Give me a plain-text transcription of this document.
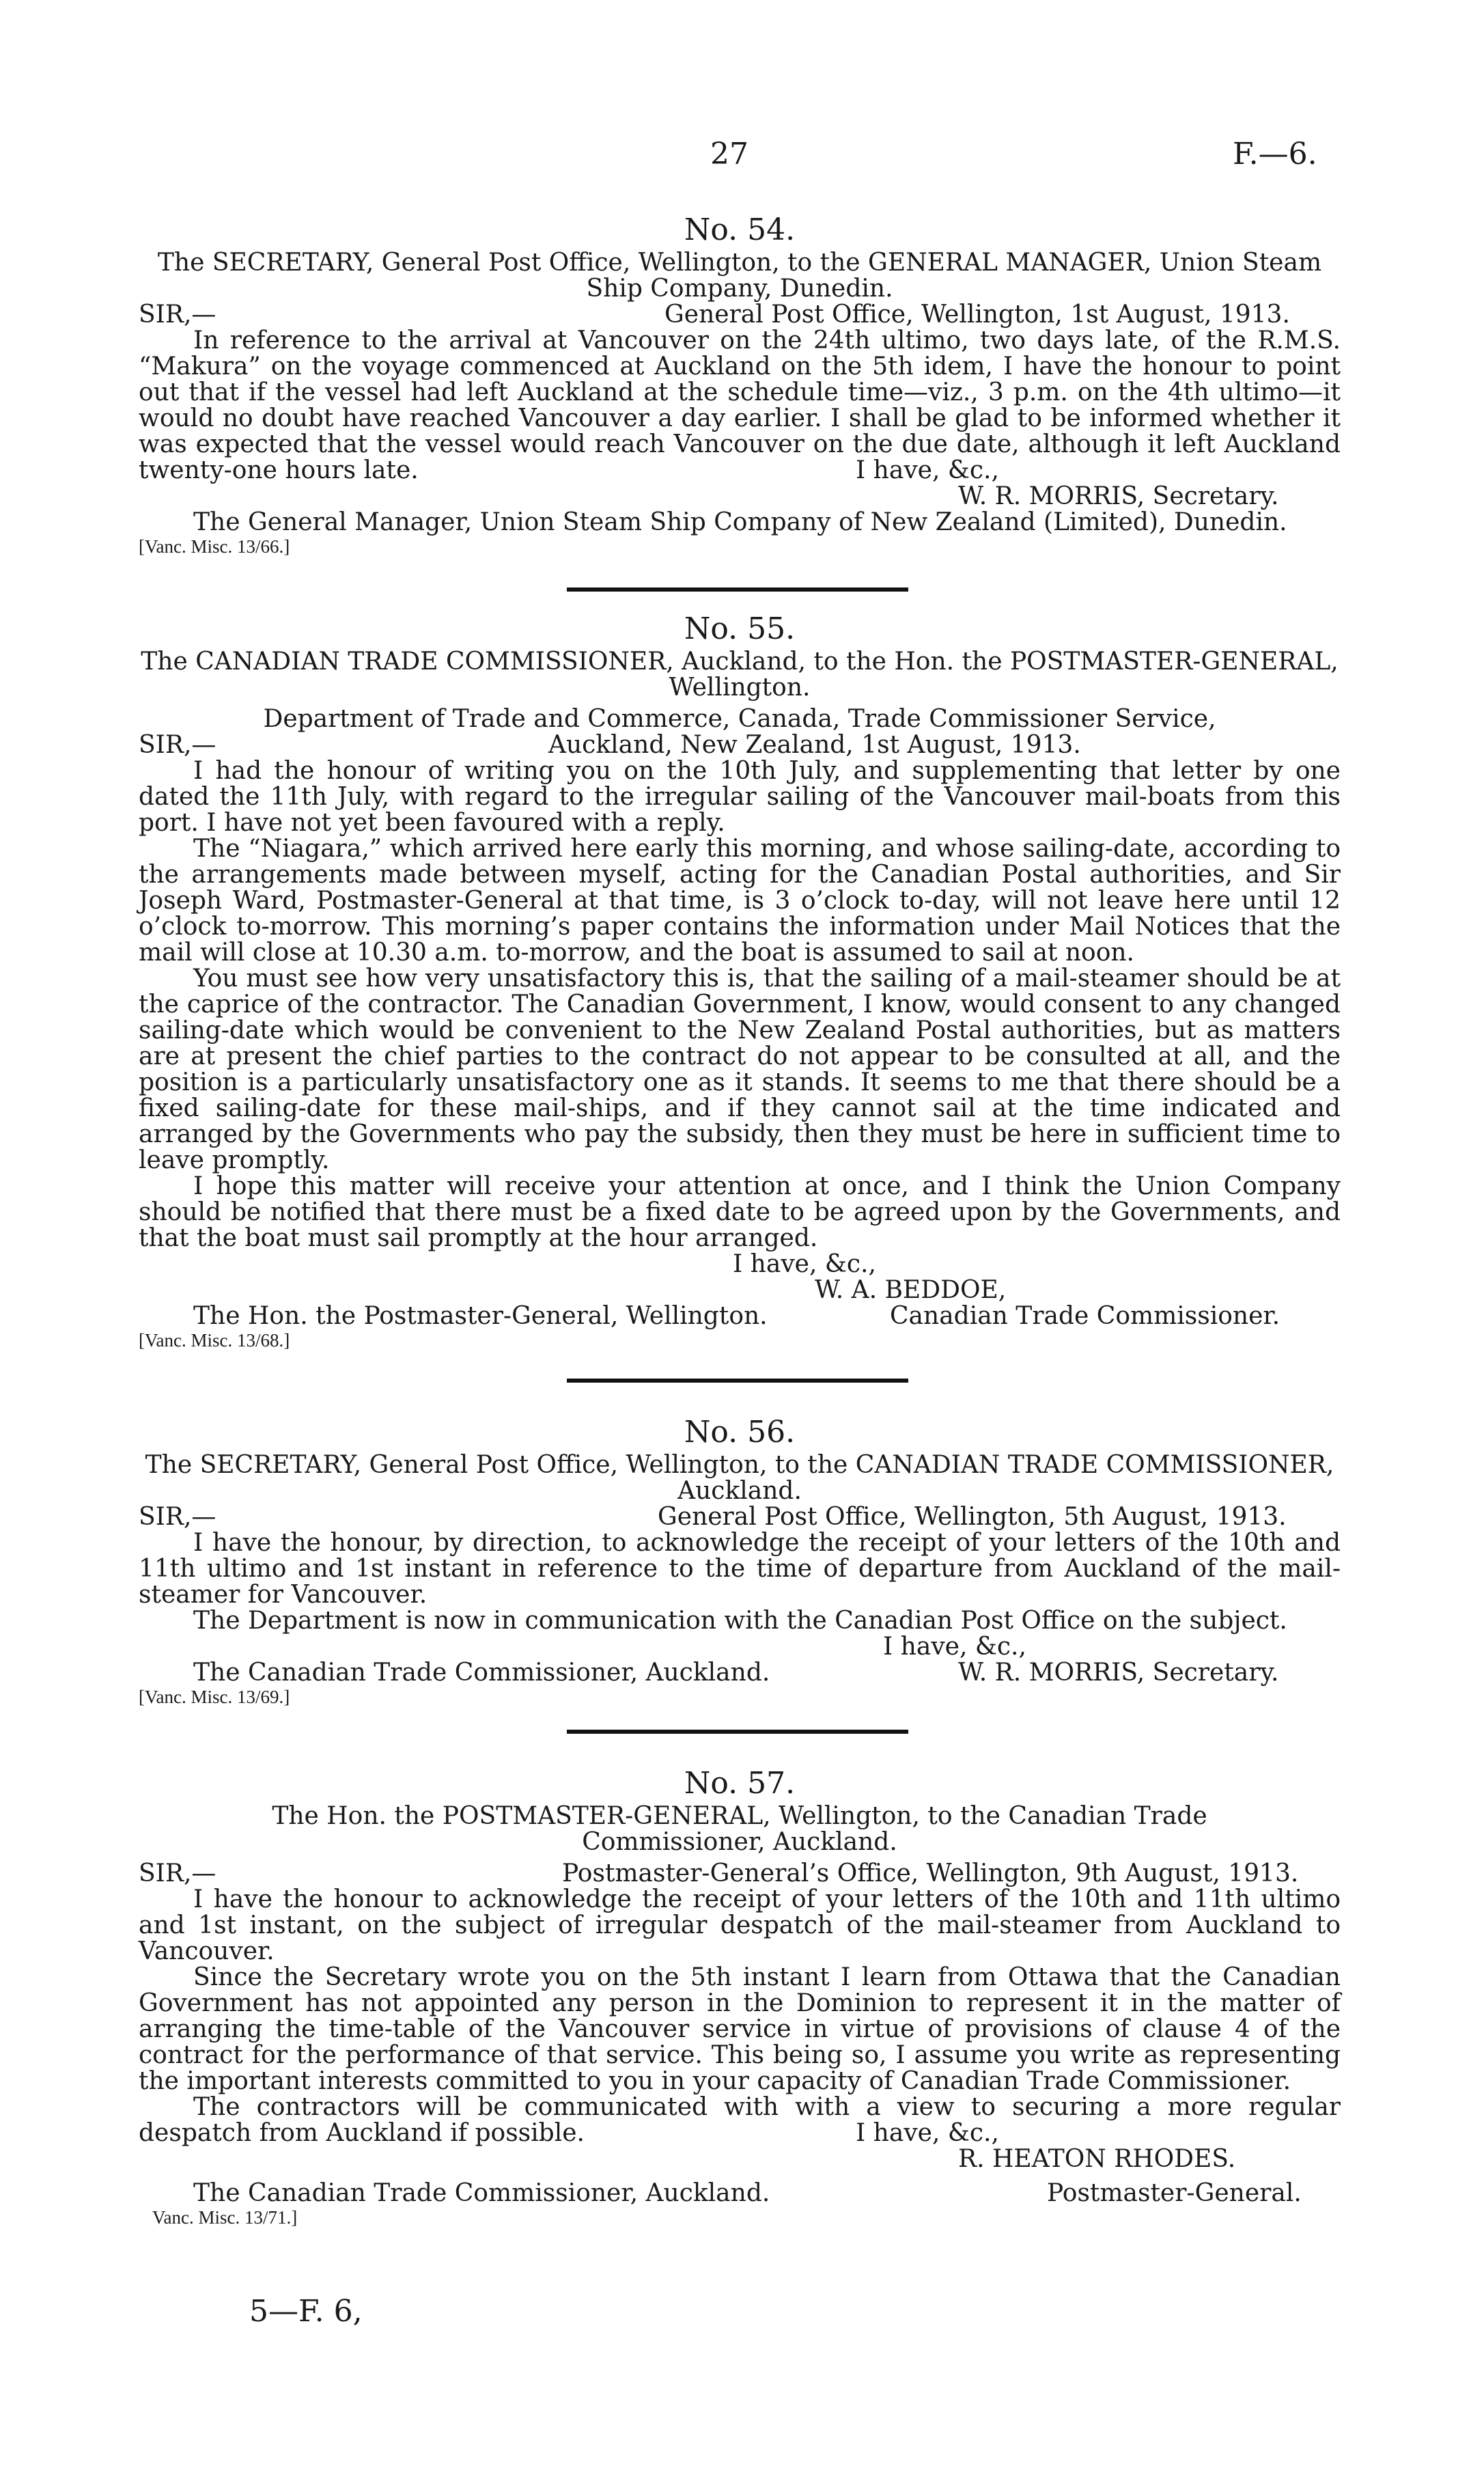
27	F.—6.
No. 54.
The SECRETARY, General Post Office, Wellington, to the GENERAL MANAGER, Union Steam Ship Company, Dunedin.
SIR,—	General Post Office, Wellington, 1st August, 1913.

In reference to the arrival at Vancouver on the 24th ultimo, two days late, of the R.M.S. “Makura” on the voyage commenced at Auckland on the 5th idem, I have the honour to point out that if the vessel had left Auckland at the schedule time—viz., 3 p.m. on the 4th ultimo—it would no doubt have reached Vancouver a day earlier. I shall be glad to be informed whether it was expected that the vessel would reach Vancouver on the due date, although it left Auckland twenty-one hours late.	I have, &c.,
W. R. MORRIS, Secretary.
The General Manager, Union Steam Ship Company of New Zealand (Limited), Dunedin.
[Vanc. Misc. 13/66.]
No. 55.
The CANADIAN TRADE COMMISSIONER, Auckland, to the Hon. the POSTMASTER-GENERAL, Wellington.
Department of Trade and Commerce, Canada, Trade Commissioner Service,
SIR,—	Auckland, New Zealand, 1st August, 1913.

I had the honour of writing you on the 10th July, and supplementing that letter by one dated the 11th July, with regard to the irregular sailing of the Vancouver mail-boats from this port. I have not yet been favoured with a reply.

The “Niagara,” which arrived here early this morning, and whose sailing-date, according to the arrangements made between myself, acting for the Canadian Postal authorities, and Sir Joseph Ward, Postmaster-General at that time, is 3 o’clock to-day, will not leave here until 12 o’clock to-morrow. This morning’s paper contains the information under Mail Notices that the mail will close at 10.30 a.m. to-morrow, and the boat is assumed to sail at noon.

You must see how very unsatisfactory this is, that the sailing of a mail-steamer should be at the caprice of the contractor. The Canadian Government, I know, would consent to any changed sailing-date which would be convenient to the New Zealand Postal authorities, but as matters are at present the chief parties to the contract do not appear to be consulted at all, and the position is a particularly unsatisfactory one as it stands. It seems to me that there should be a fixed sailing-date for these mail-ships, and if they cannot sail at the time indicated and arranged by the Governments who pay the subsidy, then they must be here in sufficient time to leave promptly.

I hope this matter will receive your attention at once, and I think the Union Company should be notified that there must be a fixed date to be agreed upon by the Governments, and that the boat must sail promptly at the hour arranged.

I have, &c.,
W. A. BEDDOE,
The Hon. the Postmaster-General, Wellington.	Canadian Trade Commissioner.
[Vanc. Misc. 13/68.]
No. 56.
The SECRETARY, General Post Office, Wellington, to the CANADIAN TRADE COMMISSIONER, Auckland.
SIR,—	General Post Office, Wellington, 5th August, 1913.

I have the honour, by direction, to acknowledge the receipt of your letters of the 10th and 11th ultimo and 1st instant in reference to the time of departure from Auckland of the mail-steamer for Vancouver.

The Department is now in communication with the Canadian Post Office on the subject.

I have, &c.,
The Canadian Trade Commissioner, Auckland.	W. R. MORRIS, Secretary.
[Vanc. Misc. 13/69.]
No. 57.
The Hon. the POSTMASTER-GENERAL, Wellington, to the Canadian Trade Commissioner, Auckland.
SIR,—	Postmaster-General’s Office, Wellington, 9th August, 1913.

I have the honour to acknowledge the receipt of your letters of the 10th and 11th ultimo and 1st instant, on the subject of irregular despatch of the mail-steamer from Auckland to Vancouver.

Since the Secretary wrote you on the 5th instant I learn from Ottawa that the Canadian Government has not appointed any person in the Dominion to represent it in the matter of arranging the time-table of the Vancouver service in virtue of provisions of clause 4 of the contract for the performance of that service. This being so, I assume you write as representing the important interests committed to you in your capacity of Canadian Trade Commissioner.

The contractors will be communicated with with a view to securing a more regular despatch from Auckland if possible.	I have, &c.,
R. HEATON RHODES.
The Canadian Trade Commissioner, Auckland.	Postmaster-General.
Vanc. Misc. 13/71.]
5—F. 6,
